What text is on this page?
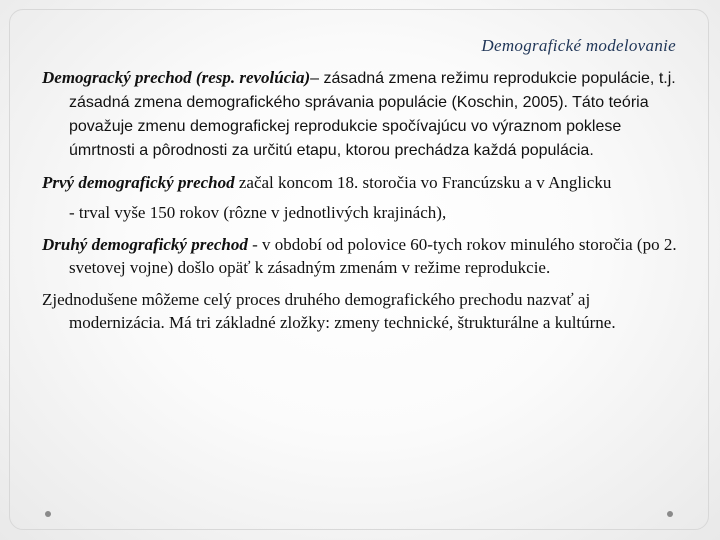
Demografické modelovanie

Demogracký prechod (resp. revolúcia)– zásadná zmena režimu reprodukcie populácie, t.j. zásadná zmena demografického správania populácie (Koschin, 2005). Táto teória považuje zmenu demografickej reprodukcie spočívajúcu vo výraznom poklese úmrtnosti a pôrodnosti za určitú etapu, ktorou prechádza každá populácia.

Prvý demografický prechod začal koncom 18. storočia vo Francúzsku a v Anglicku

- trval vyše 150 rokov (rôzne v jednotlivých krajinách),

Druhý demografický prechod - v období od polovice 60-tych rokov minulého storočia (po 2. svetovej vojne) došlo opäť k zásadným zmenám v režime reprodukcie.

Zjednodušene môžeme celý proces druhého demografického prechodu nazvať aj modernizácia. Má tri základné zložky: zmeny technické, štrukturálne a kultúrne.
